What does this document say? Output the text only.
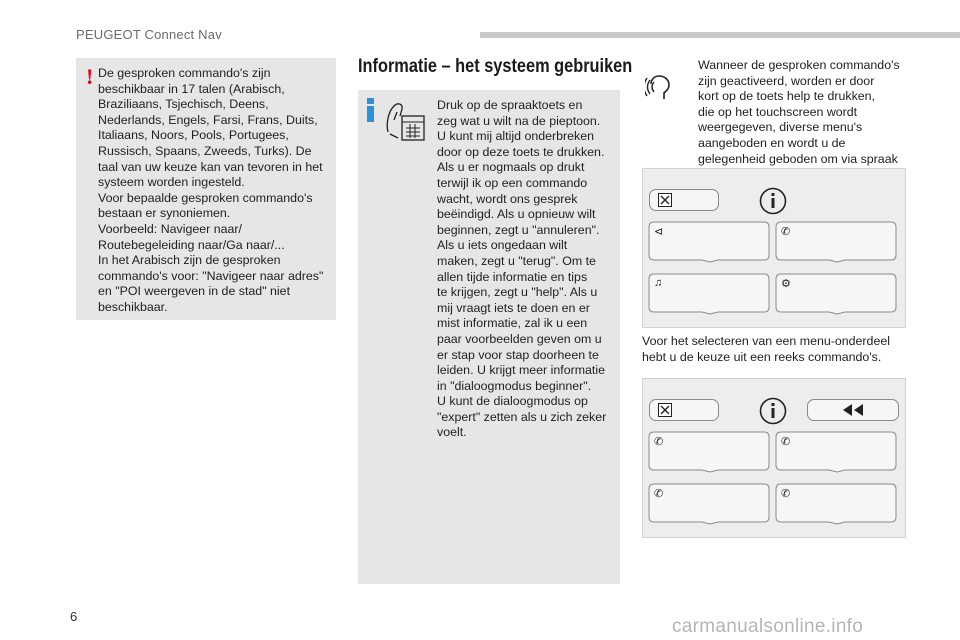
PEUGEOT Connect Nav
! De gesproken commando's zijn
beschikbaar in 17 talen (Arabisch,
Braziliaans, Tsjechisch, Deens,
Nederlands, Engels, Farsi, Frans, Duits,
Italiaans, Noors, Pools, Portugees,
Russisch, Spaans, Zweeds, Turks). De
taal van uw keuze kan van tevoren in het
systeem worden ingesteld.
Voor bepaalde gesproken commando's
bestaan er synoniemen.
Voorbeeld: Navigeer naar/
Routebegeleiding naar/Ga naar/...
In het Arabisch zijn de gesproken
commando's voor: "Navigeer naar adres"
en "POI weergeven in de stad" niet
beschikbaar.
Informatie – het systeem gebruiken
Druk op de spraaktoets en
zeg wat u wilt na de pieptoon.
U kunt mij altijd onderbreken
door op deze toets te drukken.
Als u er nogmaals op drukt
terwijl ik op een commando
wacht, wordt ons gesprek
beëindigd. Als u opnieuw wilt
beginnen, zegt u "annuleren".
Als u iets ongedaan wilt
maken, zegt u "terug". Om te
allen tijde informatie en tips
te krijgen, zegt u "help". Als u
mij vraagt iets te doen en er
mist informatie, zal ik u een
paar voorbeelden geven om u
er stap voor stap doorheen te
leiden. U krijgt meer informatie
in "dialoogmodus beginner".
U kunt de dialoogmodus op
"expert" zetten als u zich zeker
voelt.
Wanneer de gesproken commando's
zijn geactiveerd, worden er door
kort op de toets help te drukken,
die op het touchscreen wordt
weergegeven, diverse menu's
aangeboden en wordt u de
gelegenheid geboden om via spraak

⊲	✆
♫	⚙
Voor het selecteren van een menu-onderdeel
hebt u de keuze uit een reeks commando's.
✆	✆
✆	✆
6	carmanualsonline.info
